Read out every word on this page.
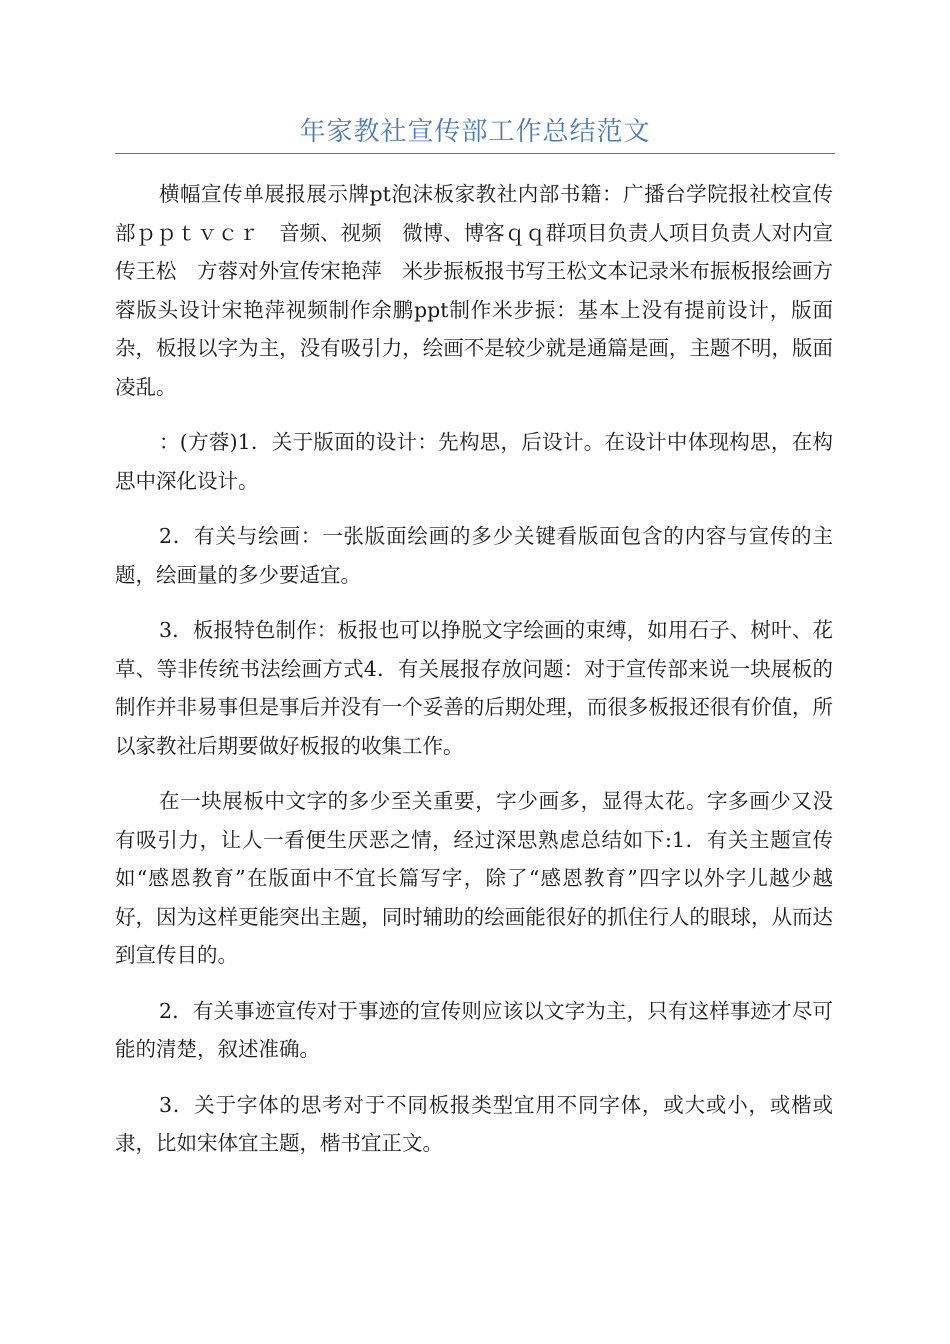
年家教社宣传部工作总结范文

横幅宣传单展报展示牌pt泡沫板家教社内部书籍：广播台学院报社校宣传部ｐｐｔｖｃｒ　音频、视频　微博、博客ｑｑ群项目负责人项目负责人对内宣传王松　方蓉对外宣传宋艳萍　米步振板报书写王松文本记录米布振板报绘画方蓉版头设计宋艳萍视频制作余鹏ppt制作米步振：基本上没有提前设计，版面杂，板报以字为主，没有吸引力，绘画不是较少就是通篇是画，主题不明，版面凌乱。

：(方蓉)1．关于版面的设计：先构思，后设计。在设计中体现构思，在构思中深化设计。

2．有关与绘画：一张版面绘画的多少关键看版面包含的内容与宣传的主题，绘画量的多少要适宜。

3．板报特色制作：板报也可以挣脱文字绘画的束缚，如用石子、树叶、花草、等非传统书法绘画方式4．有关展报存放问题：对于宣传部来说一块展板的制作并非易事但是事后并没有一个妥善的后期处理，而很多板报还很有价值，所以家教社后期要做好板报的收集工作。

在一块展板中文字的多少至关重要，字少画多，显得太花。字多画少又没有吸引力，让人一看便生厌恶之情，经过深思熟虑总结如下:1．有关主题宣传如“感恩教育”在版面中不宜长篇写字，除了“感恩教育”四字以外字儿越少越好，因为这样更能突出主题，同时辅助的绘画能很好的抓住行人的眼球，从而达到宣传目的。

2．有关事迹宣传对于事迹的宣传则应该以文字为主，只有这样事迹才尽可能的清楚，叙述准确。

3．关于字体的思考对于不同板报类型宜用不同字体，或大或小，或楷或隶，比如宋体宜主题，楷书宜正文。
